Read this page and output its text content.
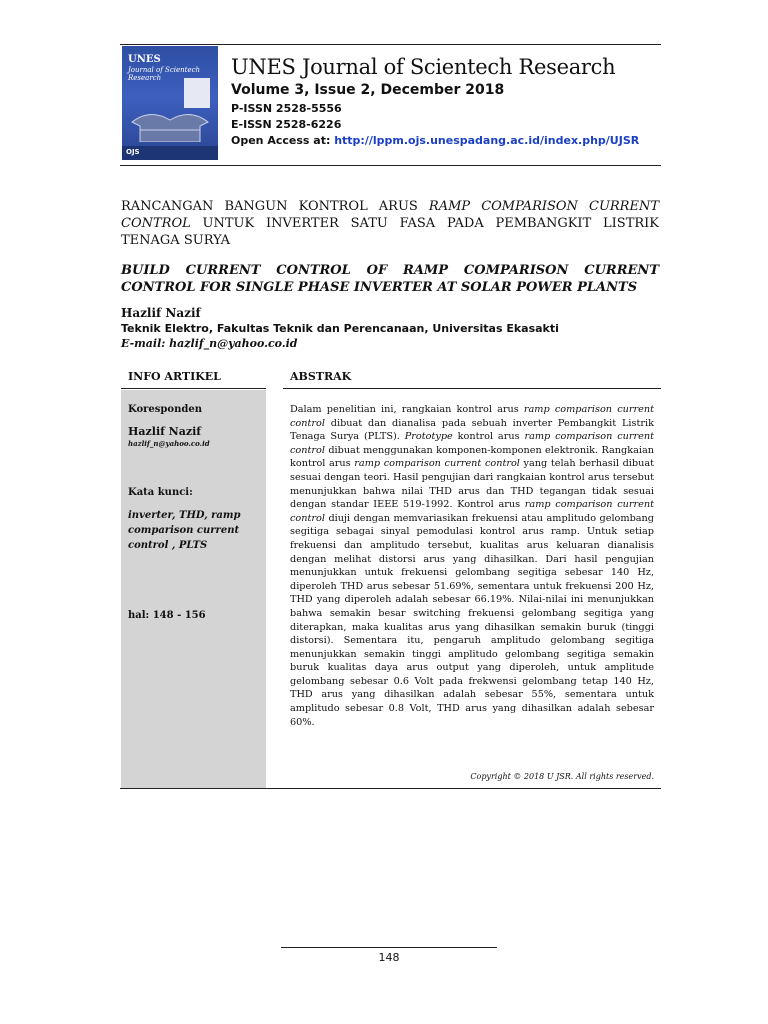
UNES
Journal of Scientech Research
OJS
UNES Journal of Scientech Research
Volume 3, Issue 2, December 2018
P-ISSN 2528-5556
E-ISSN 2528-6226
Open Access at: http://lppm.ojs.unespadang.ac.id/index.php/UJSR
RANCANGAN BANGUN KONTROL ARUS RAMP COMPARISON CURRENT CONTROL UNTUK INVERTER SATU FASA PADA PEMBANGKIT LISTRIK TENAGA SURYA
BUILD CURRENT CONTROL OF RAMP COMPARISON CURRENT CONTROL FOR SINGLE PHASE INVERTER AT SOLAR POWER PLANTS
Hazlif Nazif
Teknik Elektro, Fakultas Teknik dan Perencanaan, Universitas Ekasakti
E-mail: hazlif_n@yahoo.co.id
INFO ARTIKEL	ABSTRAK
Koresponden
Hazlif Nazif
hazlif_n@yahoo.co.id
Kata kunci:
inverter, THD, ramp comparison current control , PLTS
hal: 148 - 156
Dalam penelitian ini, rangkaian kontrol arus ramp comparison current control dibuat dan dianalisa pada sebuah inverter Pembangkit Listrik Tenaga Surya (PLTS). Prototype kontrol arus ramp comparison current control dibuat menggunakan komponen-komponen elektronik. Rangkaian kontrol arus ramp comparison current control yang telah berhasil dibuat sesuai dengan teori. Hasil pengujian dari rangkaian kontrol arus tersebut menunjukkan bahwa nilai THD arus dan THD tegangan tidak sesuai dengan standar IEEE 519-1992. Kontrol arus ramp comparison current control diuji dengan memvariasikan frekuensi atau amplitudo gelombang segitiga sebagai sinyal pemodulasi kontrol arus ramp. Untuk setiap frekuensi dan amplitudo tersebut, kualitas arus keluaran dianalisis dengan melihat distorsi arus yang dihasilkan. Dari hasil pengujian menunjukkan untuk frekuensi gelombang segitiga sebesar 140 Hz, diperoleh THD arus sebesar 51.69%, sementara untuk frekuensi 200 Hz, THD yang diperoleh adalah sebesar 66.19%. Nilai-nilai ini menunjukkan bahwa semakin besar switching frekuensi gelombang segitiga yang diterapkan, maka kualitas arus yang dihasilkan semakin buruk (tinggi distorsi). Sementara itu, pengaruh amplitudo gelombang segitiga menunjukkan semakin tinggi amplitudo gelombang segitiga semakin buruk kualitas daya arus output yang diperoleh, untuk amplitude gelombang sebesar 0.6 Volt pada frekwensi gelombang tetap 140 Hz, THD arus yang dihasilkan adalah sebesar 55%, sementara untuk amplitudo sebesar 0.8 Volt, THD arus yang dihasilkan adalah sebesar 60%.
Copyright © 2018 U JSR. All rights reserved.
148
